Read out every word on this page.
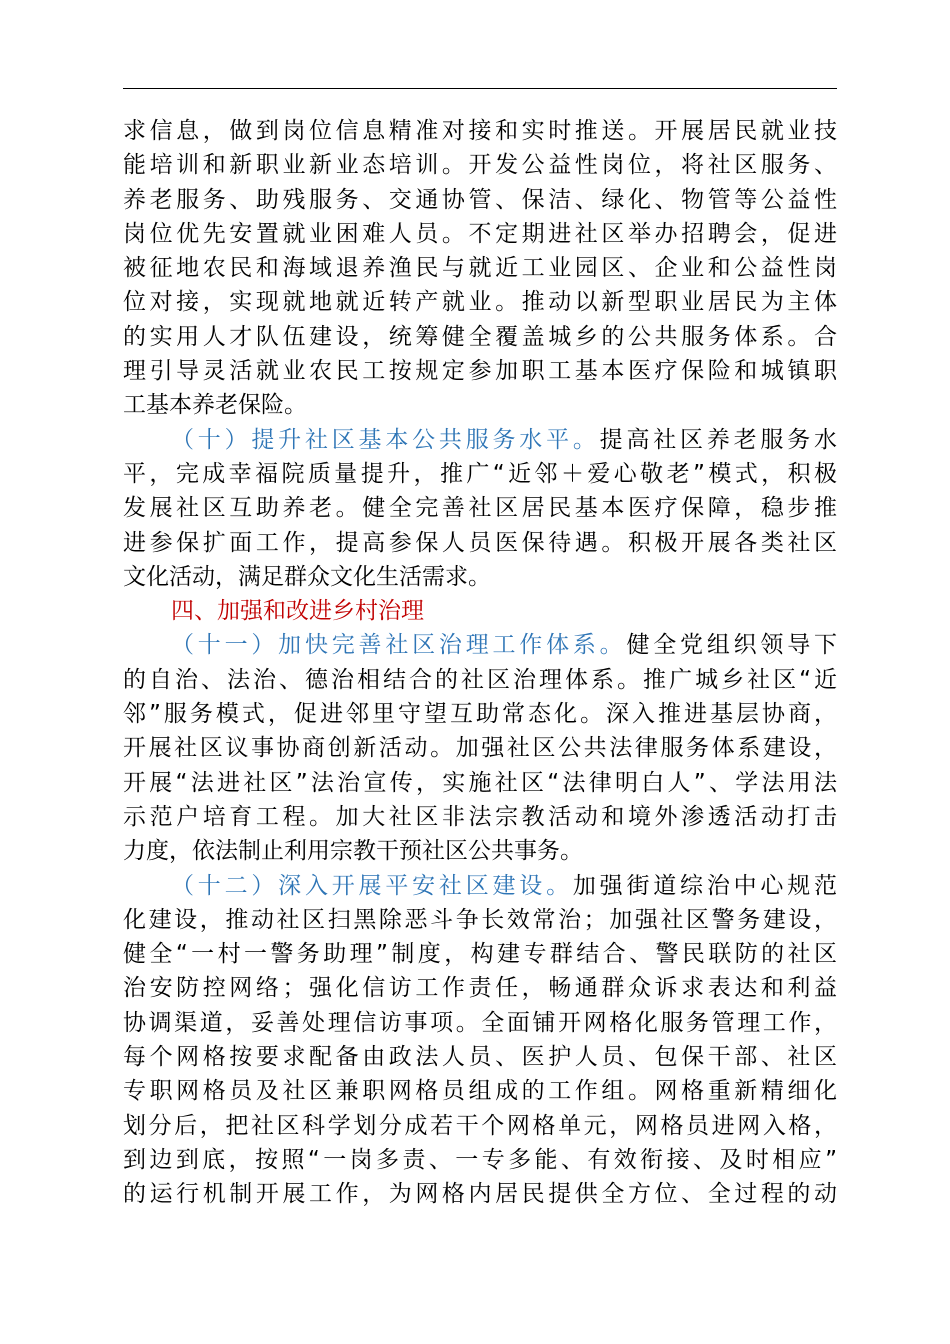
求信息，做到岗位信息精准对接和实时推送。开展居民就业技
能培训和新职业新业态培训。开发公益性岗位，将社区服务、
养老服务、助残服务、交通协管、保洁、绿化、物管等公益性
岗位优先安置就业困难人员。不定期进社区举办招聘会，促进
被征地农民和海域退养渔民与就近工业园区、企业和公益性岗
位对接，实现就地就近转产就业。推动以新型职业居民为主体
的实用人才队伍建设，统筹健全覆盖城乡的公共服务体系。合
理引导灵活就业农民工按规定参加职工基本医疗保险和城镇职
工基本养老保险。
（十）提升社区基本公共服务水平。提高社区养老服务水
平，完成幸福院质量提升，推广“近邻＋爱心敬老”模式，积极
发展社区互助养老。健全完善社区居民基本医疗保障，稳步推
进参保扩面工作，提高参保人员医保待遇。积极开展各类社区
文化活动，满足群众文化生活需求。
四、加强和改进乡村治理
（十一）加快完善社区治理工作体系。健全党组织领导下
的自治、法治、德治相结合的社区治理体系。推广城乡社区“近
邻”服务模式，促进邻里守望互助常态化。深入推进基层协商，
开展社区议事协商创新活动。加强社区公共法律服务体系建设，
开展“法进社区”法治宣传，实施社区“法律明白人”、学法用法
示范户培育工程。加大社区非法宗教活动和境外渗透活动打击
力度，依法制止利用宗教干预社区公共事务。
（十二）深入开展平安社区建设。加强街道综治中心规范
化建设，推动社区扫黑除恶斗争长效常治；加强社区警务建设，
健全“一村一警务助理”制度，构建专群结合、警民联防的社区
治安防控网络；强化信访工作责任，畅通群众诉求表达和利益
协调渠道，妥善处理信访事项。全面铺开网格化服务管理工作，
每个网格按要求配备由政法人员、医护人员、包保干部、社区
专职网格员及社区兼职网格员组成的工作组。网格重新精细化
划分后，把社区科学划分成若干个网格单元，网格员进网入格，
到边到底，按照“一岗多责、一专多能、有效衔接、及时相应”
的运行机制开展工作，为网格内居民提供全方位、全过程的动
